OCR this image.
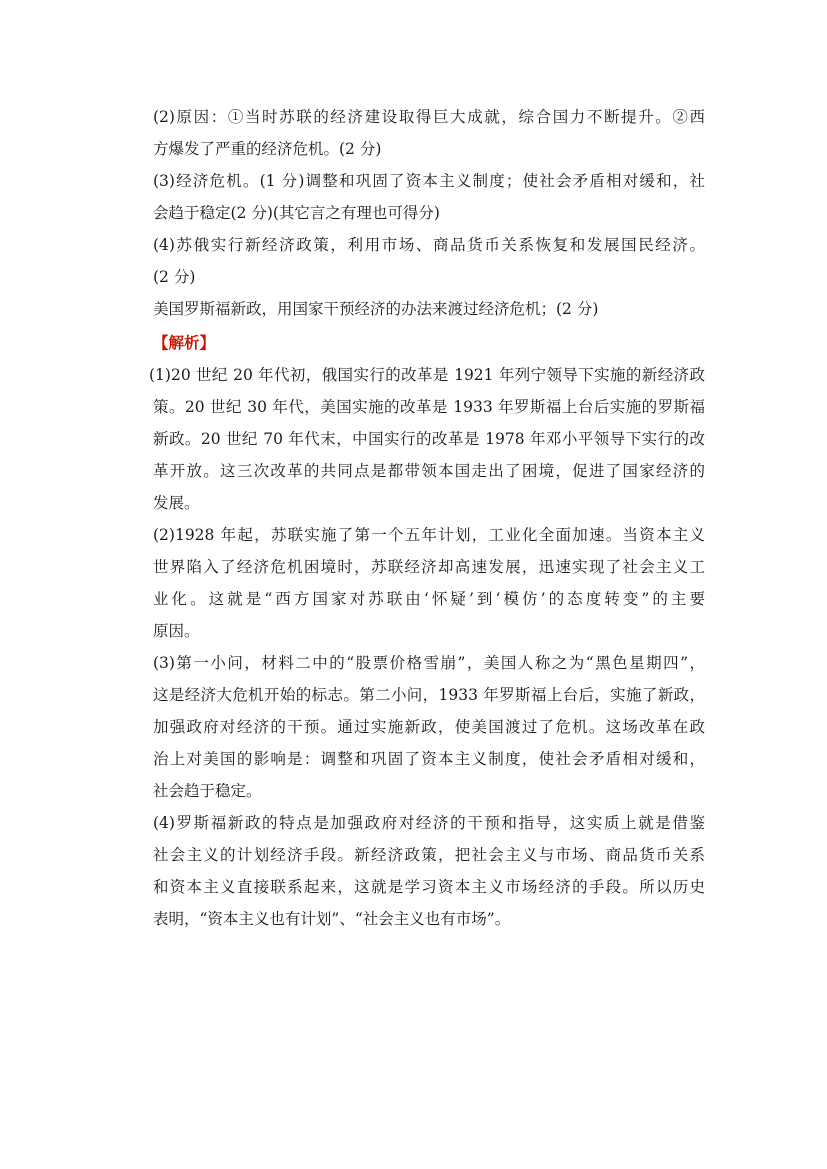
(2)原因：①当时苏联的经济建设取得巨大成就，综合国力不断提升。②西
方爆发了严重的经济危机。(2 分)
(3)经济危机。(1 分)调整和巩固了资本主义制度；使社会矛盾相对缓和，社
会趋于稳定(2 分)(其它言之有理也可得分)
(4)苏俄实行新经济政策，利用市场、商品货币关系恢复和发展国民经济。
(2 分)
美国罗斯福新政，用国家干预经济的办法来渡过经济危机；(2 分)
【解析】
(1)20 世纪 20 年代初，俄国实行的改革是 1921 年列宁领导下实施的新经济政
策。20 世纪 30 年代，美国实施的改革是 1933 年罗斯福上台后实施的罗斯福
新政。20 世纪 70 年代末，中国实行的改革是 1978 年邓小平领导下实行的改
革开放。这三次改革的共同点是都带领本国走出了困境，促进了国家经济的
发展。
(2)1928 年起，苏联实施了第一个五年计划，工业化全面加速。当资本主义
世界陷入了经济危机困境时，苏联经济却高速发展，迅速实现了社会主义工
业化。这就是“西方国家对苏联由‘怀疑’到‘模仿’的态度转变”的主要
原因。
(3)第一小问，材料二中的“股票价格雪崩”，美国人称之为“黑色星期四”，
这是经济大危机开始的标志。第二小问，1933 年罗斯福上台后，实施了新政，
加强政府对经济的干预。通过实施新政，使美国渡过了危机。这场改革在政
治上对美国的影响是：调整和巩固了资本主义制度，使社会矛盾相对缓和，
社会趋于稳定。
(4)罗斯福新政的特点是加强政府对经济的干预和指导，这实质上就是借鉴
社会主义的计划经济手段。新经济政策，把社会主义与市场、商品货币关系
和资本主义直接联系起来，这就是学习资本主义市场经济的手段。所以历史
表明，“资本主义也有计划”、“社会主义也有市场”。
